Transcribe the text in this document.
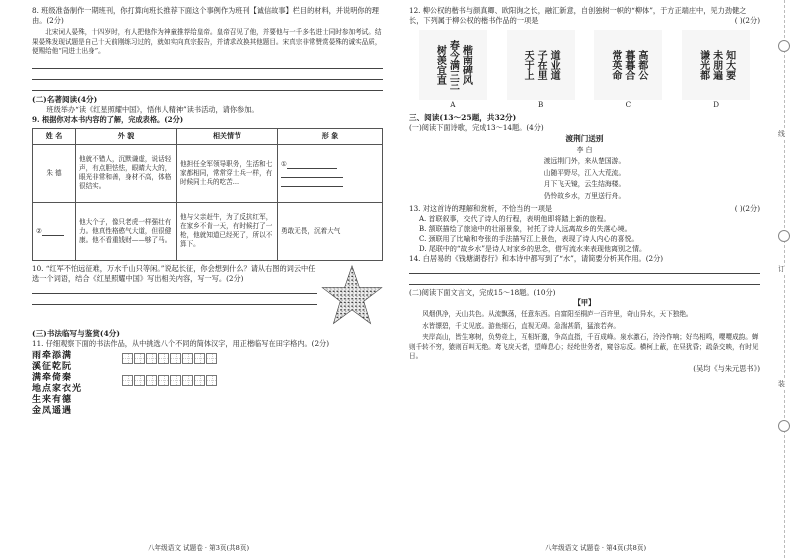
8. 班级准备制作一期班刊，你打算向班长推荐下面这个事例作为班刊【诚信故事】栏目的材料，并说明你的理由。(2分)

北宋词人晏殊，十四岁时，有人把他作为神童推荐给皇帝。皇帝召见了他，并要他与一千多名进士同时参加考试。结果晏殊发现试题是自己十天前刚练习过的，就如实向真宗报告，并请求改换其他题目。宋真宗非常赞赏晏殊的诚实品质，便赐给他“同进士出身”。

(二)名著阅读(4分)

班级举办“读《红星照耀中国》，悟伟人精神”读书活动，请你参加。

9. 根据你对本书内容的了解，完成表格。(2分)

姓 名	外 貌	相关情节	形 象
朱 德	他就不错人，沉默谦虚，说话轻声，有点胆怯怯，眼睛大大的，眼光非常和善，身材不高，体格很结实。	他担任全军领导职务，生活和七家都相同，常常穿士兵一样，有时候同士兵的吃苦...	①

②	他大个子，像只老虎一样强壮有力。他真性格憨气大道，但很健康。他不看重钱财——够了马。	他与父亲赶牛，为了反抗红军，在家乡不肯一天，有时候打了一枪，他就知道已经死了，所以不算下。	勇敢无畏，沉着大气

10. “红军不怕远征难，万水千山只等闲。”说起长征，你会想到什么？请从右图的词云中任选一个词语，结合《红星照耀中国》写出相关内容，写一写。(2分)

(三)书法临写与鉴赏(4分)

11. 仔细观察下面的书法作品，从中挑选八个不同的简体汉字，用正楷临写在田字格内。(2分)

雨牵添满
溪征乾阮
满牵倚秦
地点家衣光
生来有德
金凤遥遇
八年级语文 试题卷 · 第3页(共8页)

12. 柳公权的楷书与颜真卿、欧阳询之长，融汇新意，自创独树一帜的“柳体”，于方正端庄中，见力劲健之长，下列属于柳公权的楷书作品的一项是	( )(2分)

树羡宜直 春今满三三 楷南碑风
A
天于上 子在里 道业道
B
常英命 暮暮合 高都公
C
谦光都 未朋遍 知大要
D

三、阅读(13～25题，共32分)

(一)阅读下面诗歌，完成13～14题。(4分)

渡荆门送别

李 白

渡远荆门外，来从楚国游。

山随平野尽，江入大荒流。

月下飞天镜，云生结海楼。

仍怜故乡水，万里送行舟。

13. 对这首诗的理解和赏析，不恰当的一项是	( )(2分)

A. 首联叙事，交代了诗人的行程，表明他即将踏上新的旅程。

B. 颔联描绘了旅途中的壮丽景象，衬托了诗人远离故乡的失落心境。

C. 颈联用了比喻和夸张的手法描写江上景色，表现了诗人内心的喜悦。

D. 尾联中的“故乡水”是诗人对家乡的思念，借写流水来表现他离别之情。

14. 白居易的《钱塘湖春行》和本诗中都写到了“水”，请简要分析其作用。(2分)

(二)阅读下面文言文，完成15～18题。(10分)

【甲】

风烟俱净，天山共色。从流飘荡，任意东西。自富阳至桐庐一百许里，奇山异水，天下独绝。

水皆缥碧，千丈见底。游鱼细石，直视无碍。急湍甚箭，猛浪若奔。

夹岸高山，皆生寒树，负势竞上，互相轩邈，争高直指，千百成峰。泉水激石，泠泠作响；好鸟相鸣，嘤嘤成韵。蝉则千转不穷，猿则百叫无绝。鸢飞戾天者，望峰息心；经纶世务者，窥谷忘反。横柯上蔽，在昼犹昏；疏条交映，有时见日。

(吴均《与朱元思书》)

八年级语文 试题卷 · 第4页(共8页)
线
订
装
